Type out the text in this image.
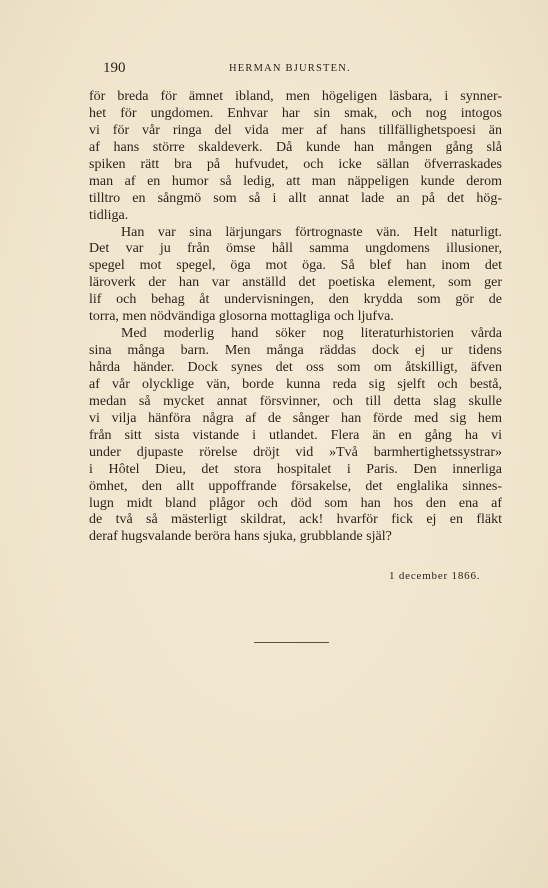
190	HERMAN BJURSTEN.
för breda för ämnet ibland, men högeligen läsbara, i synner-
het för ungdomen. Enhvar har sin smak, och nog intogos
vi för vår ringa del vida mer af hans tillfällighetspoesi än
af hans större skaldeverk. Då kunde han mången gång slå
spiken rätt bra på hufvudet, och icke sällan öfverraskades
man af en humor så ledig, att man näppeligen kunde derom
tilltro en sångmö som så i allt annat lade an på det hög-
tidliga.
Han var sina lärjungars förtrognaste vän. Helt naturligt.
Det var ju från ömse håll samma ungdomens illusioner,
spegel mot spegel, öga mot öga. Så blef han inom det
läroverk der han var anställd det poetiska element, som ger
lif och behag åt undervisningen, den krydda som gör de
torra, men nödvändiga glosorna mottagliga och ljufva.
Med moderlig hand söker nog literaturhistorien vårda
sina många barn. Men många räddas dock ej ur tidens
hårda händer. Dock synes det oss som om åtskilligt, äfven
af vår olycklige vän, borde kunna reda sig sjelft och bestå,
medan så mycket annat försvinner, och till detta slag skulle
vi vilja hänföra några af de sånger han förde med sig hem
från sitt sista vistande i utlandet. Flera än en gång ha vi
under djupaste rörelse dröjt vid »Två barmhertighetssystrar»
i Hôtel Dieu, det stora hospitalet i Paris. Den innerliga
ömhet, den allt uppoffrande försakelse, det englalika sinnes-
lugn midt bland plågor och död som han hos den ena af
de två så mästerligt skildrat, ack! hvarför fick ej en fläkt
deraf hugsvalande beröra hans sjuka, grubblande själ?
1 december 1866.
